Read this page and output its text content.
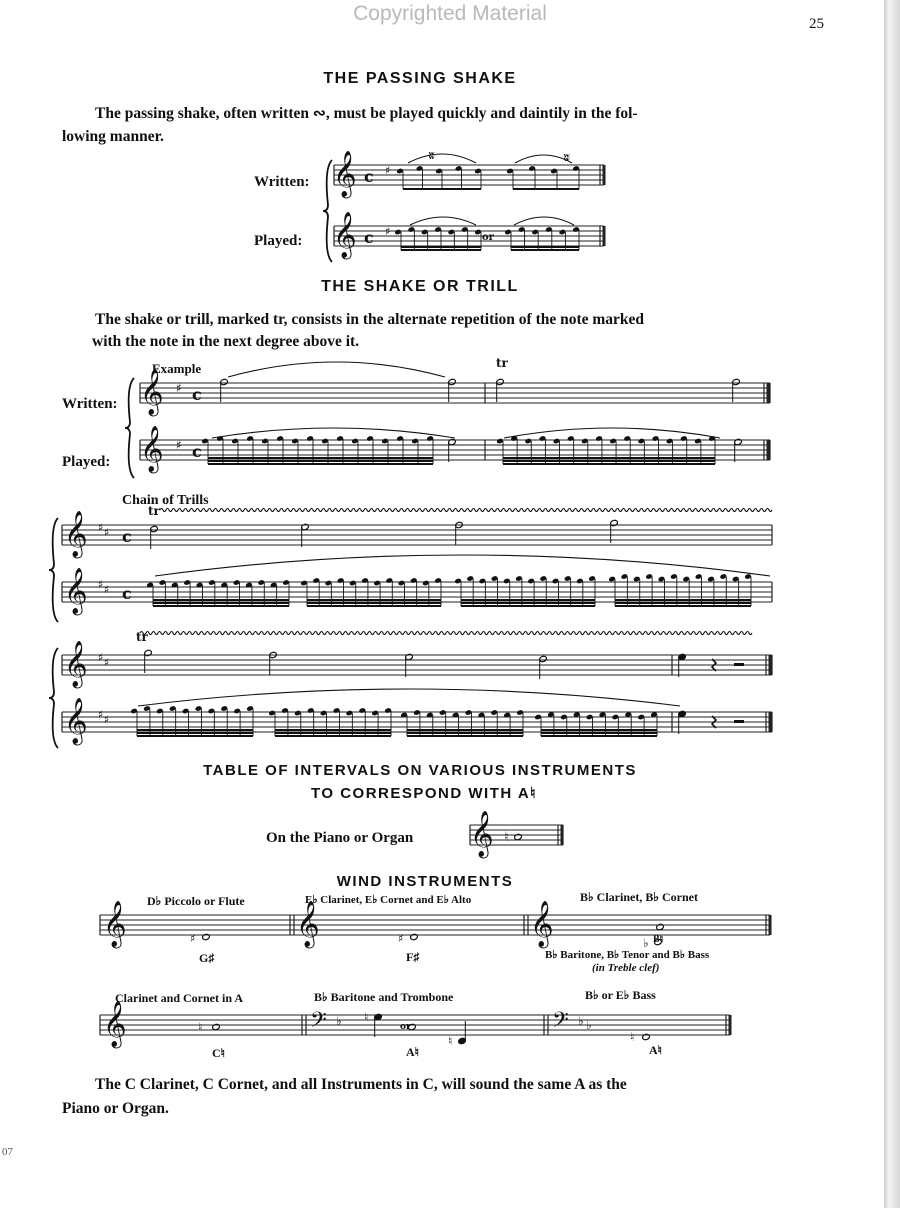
Copyrighted Material	25
THE PASSING SHAKE
The passing shake, often written ∾, must be played quickly and daintily in the fol-
lowing manner.
Written:
Played:
THE SHAKE OR TRILL
The shake or trill, marked tr, consists in the alternate repetition of the note marked
with the note in the next degree above it.
Example
Written:
Played:
Chain of Trills
TABLE OF INTERVALS ON VARIOUS INSTRUMENTS
TO CORRESPOND WITH A♮
On the Piano or Organ
WIND INSTRUMENTS
D♭ Piccolo or Flute	E♭ Clarinet, E♭ Cornet and E♭ Alto	B♭ Clarinet, B♭ Cornet
G♯	F♯
B♮
B♭ Baritone, B♭ Tenor and B♭ Bass
(in Treble clef)
Clarinet and Cornet in A	B♭ Baritone and Trombone	B♭ or E♭ Bass
C♮	A♮	A♮
The C Clarinet, C Cornet, and all Instruments in C, will sound the same A as the
Piano or Organ.
07
𝄞 c ♯
ʬ	ʬ
𝄞 c ♯	or
𝄞 ♯ c
tr
𝄞 ♯ c
𝄞 ♯ ♯ c
tr
𝄞 ♯ ♯ c
𝄞 ♯ ♯
tr
𝄞 ♯ ♯
𝄞 ♮
𝄞	𝄞	𝄞
♯	♯	♭
𝄞	𝄢 ♭	𝄢 ♭ ♭
♮
♮
or
♮	♮
